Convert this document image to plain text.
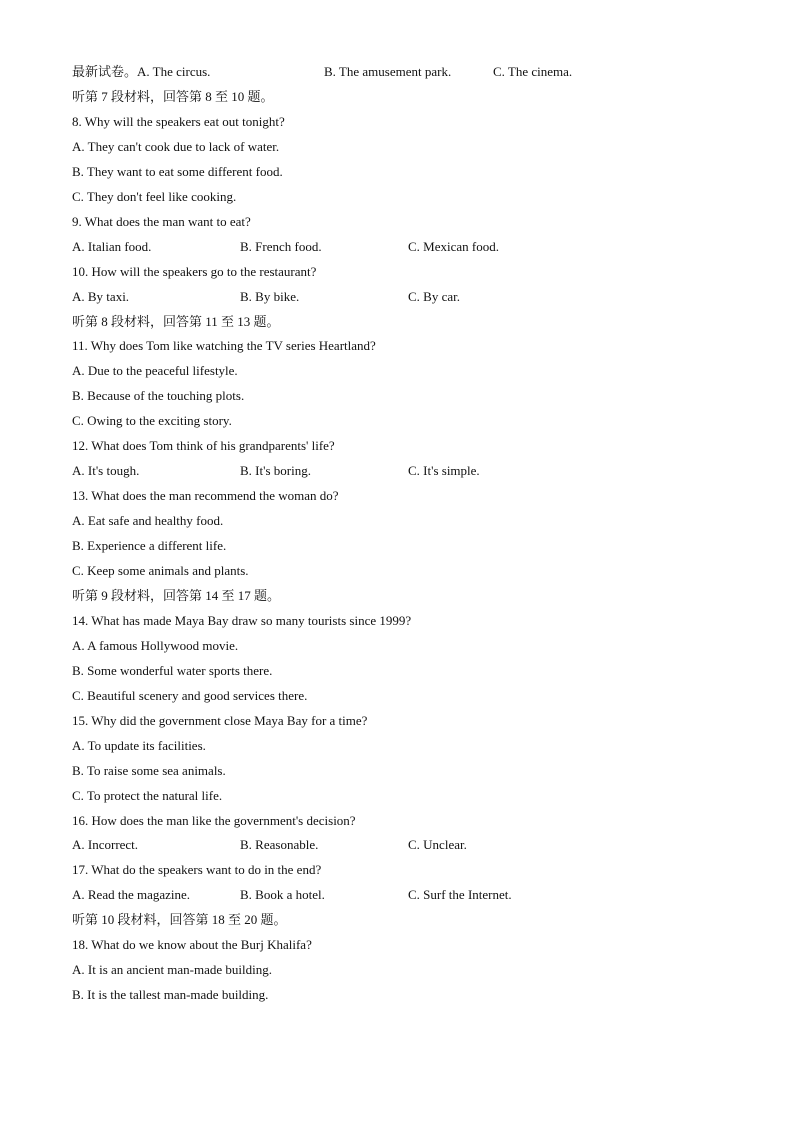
最新试卷。A. The circus.	B. The amusement park.	C. The cinema.
听第 7 段材料，回答第 8 至 10 题。
8. Why will the speakers eat out tonight?
A. They can't cook due to lack of water.
B. They want to eat some different food.
C. They don't feel like cooking.
9. What does the man want to eat?
A. Italian food.	B. French food.	C. Mexican food.
10. How will the speakers go to the restaurant?
A. By taxi.	B. By bike.	C. By car.
听第 8 段材料，回答第 11 至 13 题。
11. Why does Tom like watching the TV series Heartland?
A. Due to the peaceful lifestyle.
B. Because of the touching plots.
C. Owing to the exciting story.
12. What does Tom think of his grandparents' life?
A. It's tough.	B. It's boring.	C. It's simple.
13. What does the man recommend the woman do?
A. Eat safe and healthy food.
B. Experience a different life.
C. Keep some animals and plants.
听第 9 段材料，回答第 14 至 17 题。
14. What has made Maya Bay draw so many tourists since 1999?
A. A famous Hollywood movie.
B. Some wonderful water sports there.
C. Beautiful scenery and good services there.
15. Why did the government close Maya Bay for a time?
A. To update its facilities.
B. To raise some sea animals.
C. To protect the natural life.
16. How does the man like the government's decision?
A. Incorrect.	B. Reasonable.	C. Unclear.
17. What do the speakers want to do in the end?
A. Read the magazine.	B. Book a hotel.	C. Surf the Internet.
听第 10 段材料，回答第 18 至 20 题。
18. What do we know about the Burj Khalifa?
A. It is an ancient man-made building.
B. It is the tallest man-made building.
